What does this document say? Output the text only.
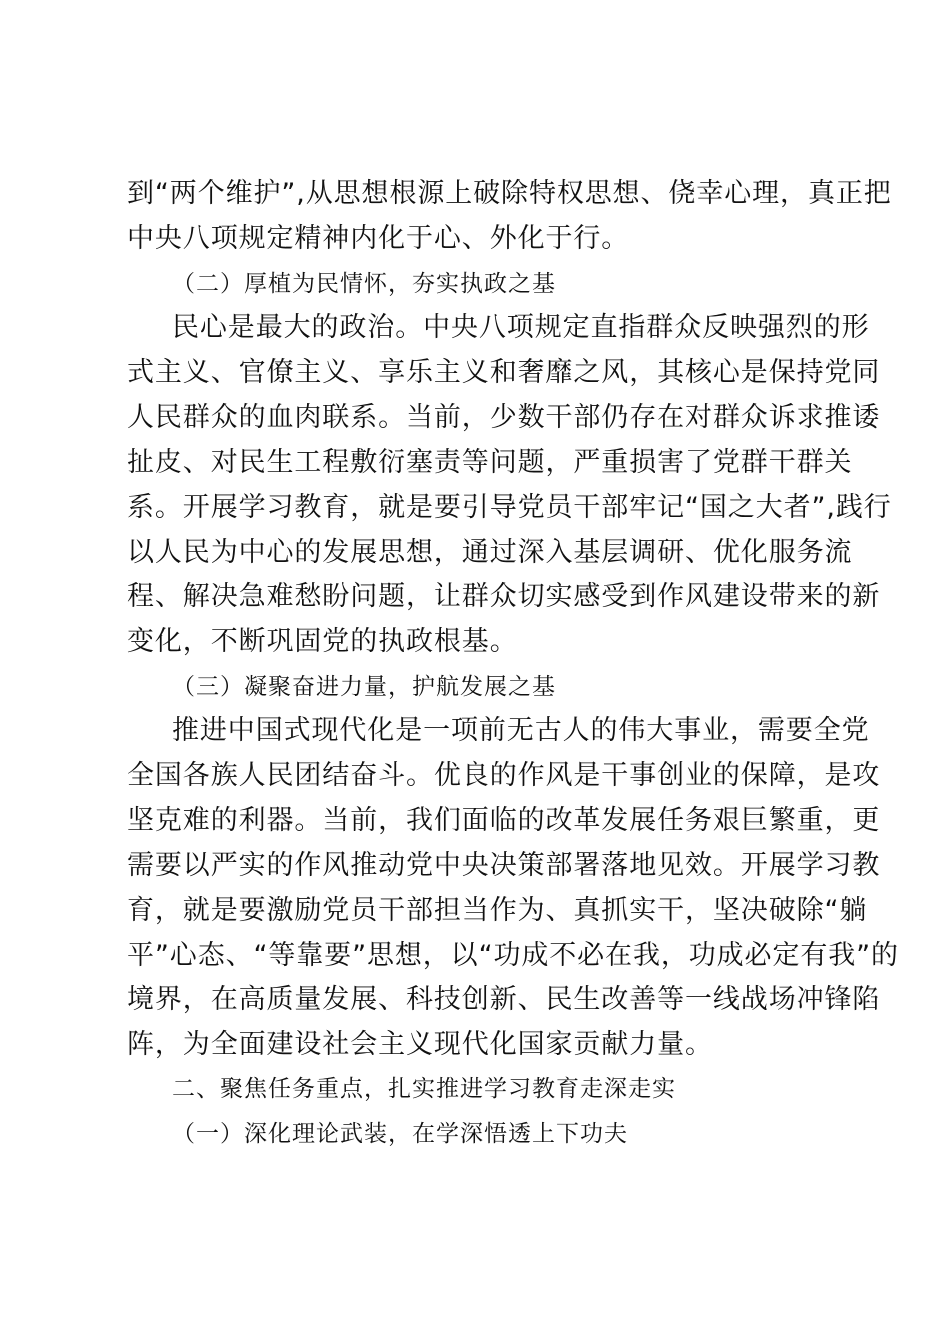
到“两个维护”,从思想根源上破除特权思想、侥幸心理，真正把
中央八项规定精神内化于心、外化于行。
（二）厚植为民情怀，夯实执政之基
民心是最大的政治。中央八项规定直指群众反映强烈的形
式主义、官僚主义、享乐主义和奢靡之风，其核心是保持党同
人民群众的血肉联系。当前，少数干部仍存在对群众诉求推诿
扯皮、对民生工程敷衍塞责等问题，严重损害了党群干群关
系。开展学习教育，就是要引导党员干部牢记“国之大者”,践行
以人民为中心的发展思想，通过深入基层调研、优化服务流
程、解决急难愁盼问题，让群众切实感受到作风建设带来的新
变化，不断巩固党的执政根基。
（三）凝聚奋进力量，护航发展之基
推进中国式现代化是一项前无古人的伟大事业，需要全党
全国各族人民团结奋斗。优良的作风是干事创业的保障，是攻
坚克难的利器。当前，我们面临的改革发展任务艰巨繁重，更
需要以严实的作风推动党中央决策部署落地见效。开展学习教
育，就是要激励党员干部担当作为、真抓实干，坚决破除“躺
平”心态、“等靠要”思想，以“功成不必在我，功成必定有我”的
境界，在高质量发展、科技创新、民生改善等一线战场冲锋陷
阵，为全面建设社会主义现代化国家贡献力量。
二、聚焦任务重点，扎实推进学习教育走深走实
（一）深化理论武装，在学深悟透上下功夫
